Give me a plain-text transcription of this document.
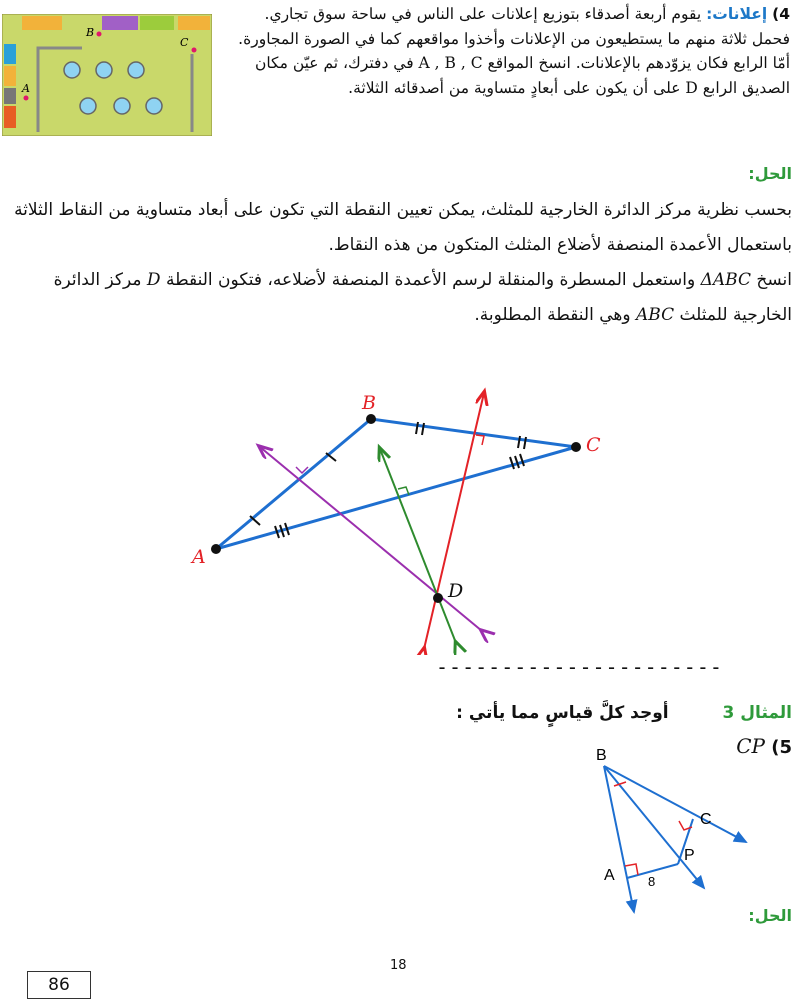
B
C
A
4) إعلانات: يقوم أربعة أصدقاء بتوزيع إعلانات على الناس في ساحة سوق تجاري. فحمل ثلاثة منهم ما يستطيعون من الإعلانات وأخذوا مواقعهم كما في الصورة المجاورة. أمّا الرابع فكان يزوّدهم بالإعلانات. انسخ المواقع A , B , C في دفترك، ثم عيّن مكان الصديق الرابع D على أن يكون على أبعادٍ متساوية من أصدقائه الثلاثة.
الحل:
بحسب نظرية مركز الدائرة الخارجية للمثلث، يمكن تعيين النقطة التي تكون على أبعاد متساوية من النقاط الثلاثة باستعمال الأعمدة المنصفة لأضلاع المثلث المتكون من هذه النقاط.
انسخ ΔABC واستعمل المسطرة والمنقلة لرسم الأعمدة المنصفة لأضلاعه، فتكون النقطة D مركز الدائرة الخارجية للمثلث ABC وهي النقطة المطلوبة.
A
B
C
D
----------------------
المثال 3 أوجد كلَّ قياسٍ مما يأتي :
5) CP
B
C
A
P
8
الحل:
18
86
